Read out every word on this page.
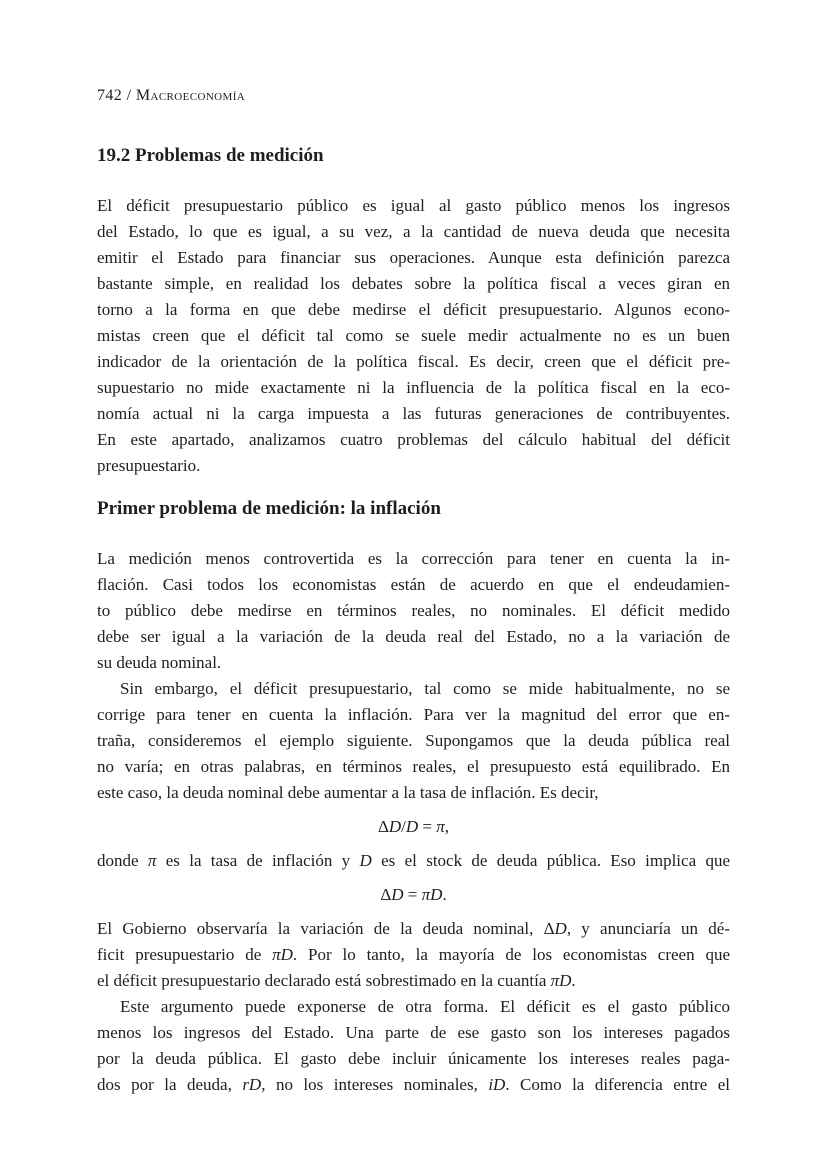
742 / Macroeconomía
19.2 Problemas de medición
El déficit presupuestario público es igual al gasto público menos los ingresos
del Estado, lo que es igual, a su vez, a la cantidad de nueva deuda que necesita
emitir el Estado para financiar sus operaciones. Aunque esta definición parezca
bastante simple, en realidad los debates sobre la política fiscal a veces giran en
torno a la forma en que debe medirse el déficit presupuestario. Algunos econo-
mistas creen que el déficit tal como se suele medir actualmente no es un buen
indicador de la orientación de la política fiscal. Es decir, creen que el déficit pre-
supuestario no mide exactamente ni la influencia de la política fiscal en la eco-
nomía actual ni la carga impuesta a las futuras generaciones de contribuyentes.
En este apartado, analizamos cuatro problemas del cálculo habitual del déficit
presupuestario.
Primer problema de medición: la inflación
La medición menos controvertida es la corrección para tener en cuenta la in-
flación. Casi todos los economistas están de acuerdo en que el endeudamien-
to público debe medirse en términos reales, no nominales. El déficit medido
debe ser igual a la variación de la deuda real del Estado, no a la variación de
su deuda nominal.
Sin embargo, el déficit presupuestario, tal como se mide habitualmente, no se
corrige para tener en cuenta la inflación. Para ver la magnitud del error que en-
traña, consideremos el ejemplo siguiente. Supongamos que la deuda pública real
no varía; en otras palabras, en términos reales, el presupuesto está equilibrado. En
este caso, la deuda nominal debe aumentar a la tasa de inflación. Es decir,
ΔD/D = π,
donde π es la tasa de inflación y D es el stock de deuda pública. Eso implica que
ΔD = πD.
El Gobierno observaría la variación de la deuda nominal, ΔD, y anunciaría un dé-
ficit presupuestario de πD. Por lo tanto, la mayoría de los economistas creen que
el déficit presupuestario declarado está sobrestimado en la cuantía πD.
Este argumento puede exponerse de otra forma. El déficit es el gasto público
menos los ingresos del Estado. Una parte de ese gasto son los intereses pagados
por la deuda pública. El gasto debe incluir únicamente los intereses reales paga-
dos por la deuda, rD, no los intereses nominales, iD. Como la diferencia entre el
